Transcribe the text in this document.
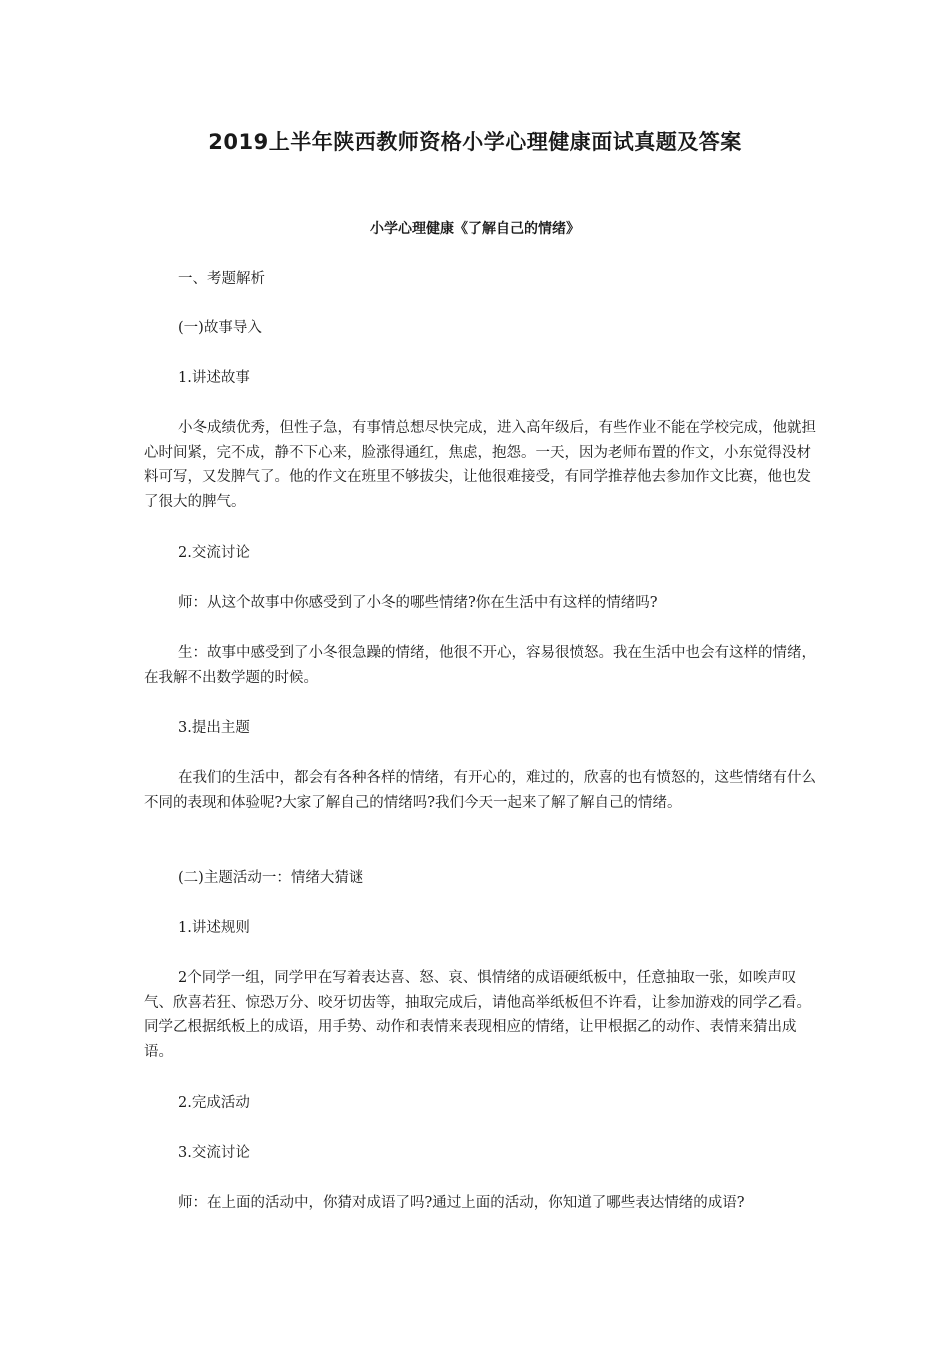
2019上半年陕西教师资格小学心理健康面试真题及答案
小学心理健康《了解自己的情绪》

一、考题解析

(一)故事导入

1.讲述故事

小冬成绩优秀，但性子急，有事情总想尽快完成，进入高年级后，有些作业不能在学校完成，他就担心时间紧，完不成，静不下心来，脸涨得通红，焦虑，抱怨。一天，因为老师布置的作文，小东觉得没材料可写，又发脾气了。他的作文在班里不够拔尖，让他很难接受，有同学推荐他去参加作文比赛，他也发了很大的脾气。

2.交流讨论

师：从这个故事中你感受到了小冬的哪些情绪?你在生活中有这样的情绪吗?

生：故事中感受到了小冬很急躁的情绪，他很不开心，容易很愤怒。我在生活中也会有这样的情绪，在我解不出数学题的时候。

3.提出主题

在我们的生活中，都会有各种各样的情绪，有开心的，难过的，欣喜的也有愤怒的，这些情绪有什么不同的表现和体验呢?大家了解自己的情绪吗?我们今天一起来了解了解自己的情绪。

(二)主题活动一：情绪大猜谜

1.讲述规则

2个同学一组，同学甲在写着表达喜、怒、哀、惧情绪的成语硬纸板中，任意抽取一张，如唉声叹气、欣喜若狂、惊恐万分、咬牙切齿等，抽取完成后，请他高举纸板但不许看，让参加游戏的同学乙看。同学乙根据纸板上的成语，用手势、动作和表情来表现相应的情绪，让甲根据乙的动作、表情来猜出成语。

2.完成活动

3.交流讨论

师：在上面的活动中，你猜对成语了吗?通过上面的活动，你知道了哪些表达情绪的成语?
